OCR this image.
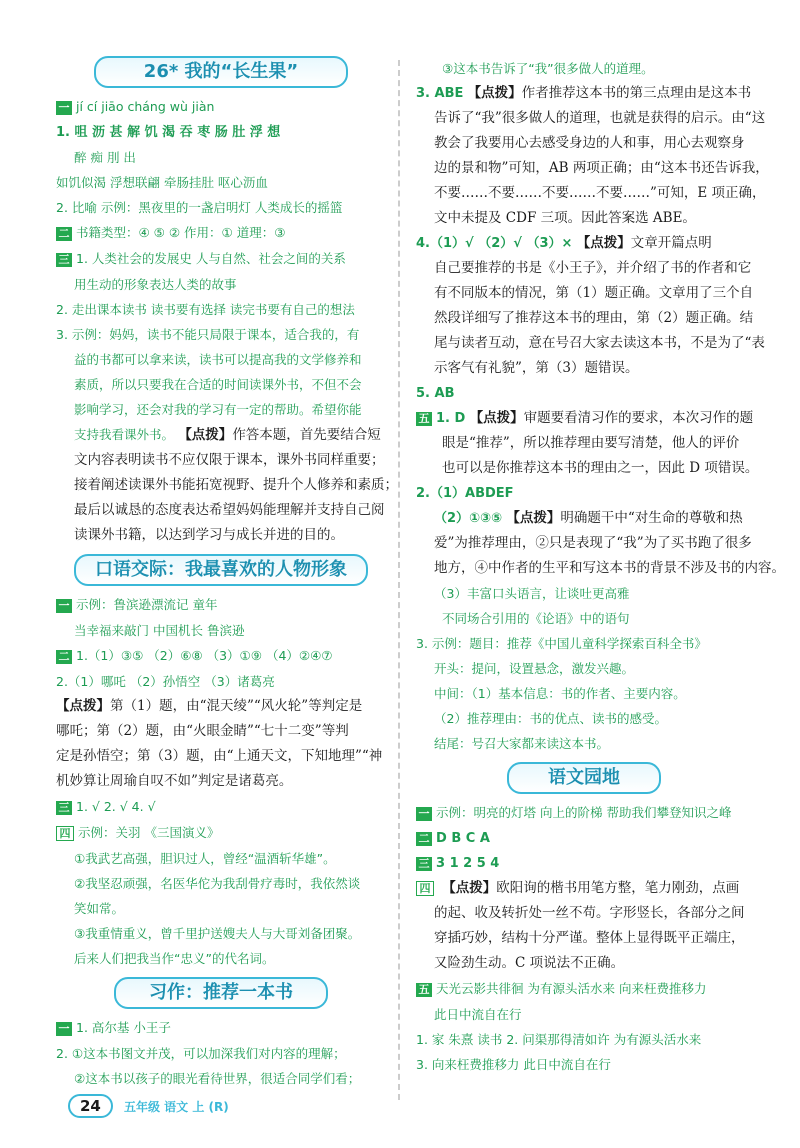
26* 我的“长生果”
一 jí cí jiāo cháng wù jiàn
1. 咀 沥 甚 解 饥 渴 吞 枣 肠 肚 浮 想
醉 痴 刖 出
如饥似渴 浮想联翩 牵肠挂肚 呕心沥血
2. 比喻 示例：黑夜里的一盏启明灯 人类成长的摇篮
二 书籍类型：④ ⑤ ② 作用：① 道理：③
三 1. 人类社会的发展史 人与自然、社会之间的关系
用生动的形象表达人类的故事
2. 走出课本读书 读书要有选择 读完书要有自己的想法
3. 示例：妈妈，读书不能只局限于课本，适合我的，有
益的书都可以拿来读，读书可以提高我的文学修养和
素质，所以只要我在合适的时间读课外书，不但不会
影响学习，还会对我的学习有一定的帮助。希望你能
支持我看课外书。 【点拨】作答本题，首先要结合短
文内容表明读书不应仅限于课本，课外书同样重要；
接着阐述读课外书能拓宽视野、提升个人修养和素质；
最后以诚恳的态度表达希望妈妈能理解并支持自己阅
读课外书籍，以达到学习与成长并进的目的。
口语交际：我最喜欢的人物形象
一 示例：鲁滨逊漂流记 童年
当幸福来敲门 中国机长 鲁滨逊
二 1.（1）③⑤ （2）⑥⑧ （3）①⑨ （4）②④⑦
2.（1）哪吒 （2）孙悟空 （3）诸葛亮
【点拨】第（1）题，由“混天绫”“风火轮”等判定是
哪吒；第（2）题，由“火眼金睛”“七十二变”等判
定是孙悟空；第（3）题，由“上通天文，下知地理”“神
机妙算让周瑜自叹不如”判定是诸葛亮。
三 1. √ 2. √ 4. √
四 示例：关羽 《三国演义》
①我武艺高强，胆识过人，曾经“温酒斩华雄”。
②我坚忍顽强，名医华佗为我刮骨疗毒时，我依然谈
笑如常。
③我重情重义，曾千里护送嫂夫人与大哥刘备团聚。
后来人们把我当作“忠义”的代名词。
习作：推荐一本书
一 1. 高尔基 小王子
2. ①这本书图文并茂，可以加深我们对内容的理解；
②这本书以孩子的眼光看待世界，很适合同学们看；
③这本书告诉了“我”很多做人的道理。
3. ABE 【点拨】作者推荐这本书的第三点理由是这本书
告诉了“我”很多做人的道理，也就是获得的启示。由“这
教会了我要用心去感受身边的人和事，用心去观察身
边的景和物”可知，AB 两项正确；由“这本书还告诉我，
不要……不要……不要……不要……”可知，E 项正确，
文中未提及 CDF 三项。因此答案选 ABE。
4.（1）√ （2）√ （3）× 【点拨】文章开篇点明
自己要推荐的书是《小王子》，并介绍了书的作者和它
有不同版本的情况，第（1）题正确。文章用了三个自
然段详细写了推荐这本书的理由，第（2）题正确。结
尾与读者互动，意在号召大家去读这本书，不是为了“表
示客气有礼貌”，第（3）题错误。
5. AB
五 1. D 【点拨】审题要看清习作的要求，本次习作的题
眼是“推荐”，所以推荐理由要写清楚，他人的评价
也可以是你推荐这本书的理由之一，因此 D 项错误。
2.（1）ABDEF
（2）①③⑤ 【点拨】明确题干中“对生命的尊敬和热
爱”为推荐理由，②只是表现了“我”为了买书跑了很多
地方，④中作者的生平和写这本书的背景不涉及书的内容。
（3）丰富口头语言，让谈吐更高雅
不同场合引用的《论语》中的语句
3. 示例：题目：推荐《中国儿童科学探索百科全书》
开头：提问，设置悬念，激发兴趣。
中间：（1）基本信息：书的作者、主要内容。
（2）推荐理由：书的优点、读书的感受。
结尾：号召大家都来读这本书。
语文园地
一 示例：明亮的灯塔 向上的阶梯 帮助我们攀登知识之峰
二 D B C A
三 3 1 2 5 4
四 【点拨】欧阳询的楷书用笔方整，笔力刚劲，点画
的起、收及转折处一丝不苟。字形竖长，各部分之间
穿插巧妙，结构十分严谨。整体上显得既平正端庄，
又险劲生动。C 项说法不正确。
五 天光云影共徘徊 为有源头活水来 向来枉费推移力
此日中流自在行
1. 家 朱熹 读书 2. 问渠那得清如许 为有源头活水来
3. 向来枉费推移力 此日中流自在行
24 五年级 语文 上 (R)
